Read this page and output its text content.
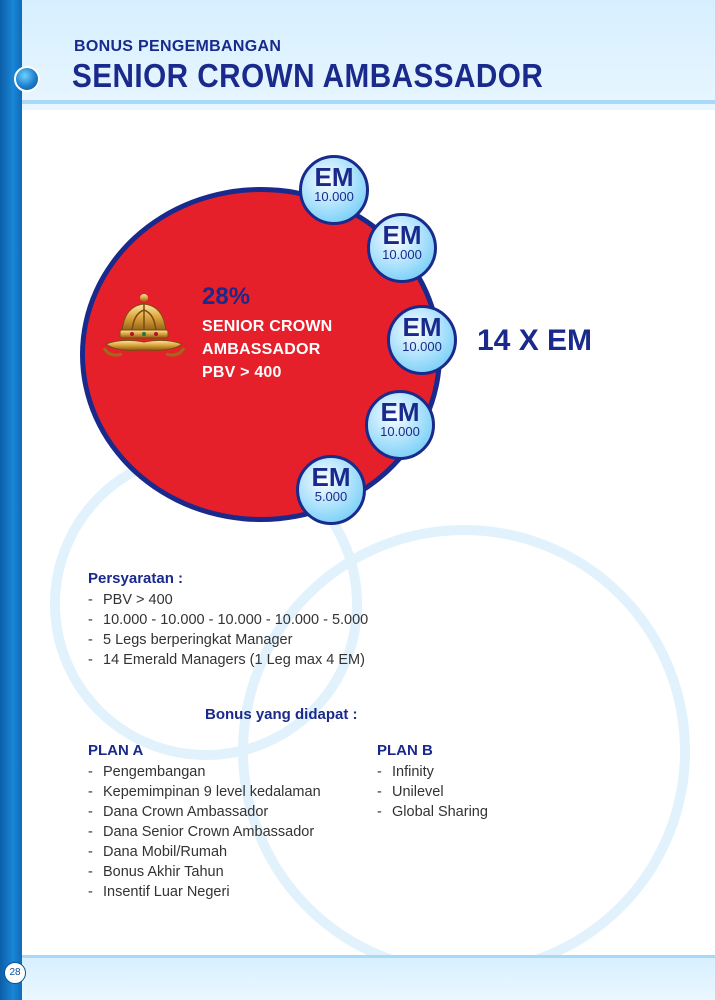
BONUS PENGEMBANGAN
SENIOR CROWN AMBASSADOR
28%
SENIOR CROWN
AMBASSADOR
PBV > 400
EM
10.000
EM
10.000
EM
10.000
EM
10.000
EM
5.000
14 X EM
Persyaratan :
- PBV > 400
- 10.000 - 10.000 - 10.000 - 10.000 - 5.000
- 5 Legs berperingkat Manager
- 14 Emerald Managers (1 Leg max 4 EM)
Bonus yang didapat :
PLAN A
- Pengembangan
- Kepemimpinan 9 level kedalaman
- Dana Crown Ambassador
- Dana Senior Crown Ambassador
- Dana Mobil/Rumah
- Bonus Akhir Tahun
- Insentif Luar Negeri
PLAN B
- Infinity
- Unilevel
- Global Sharing
28
